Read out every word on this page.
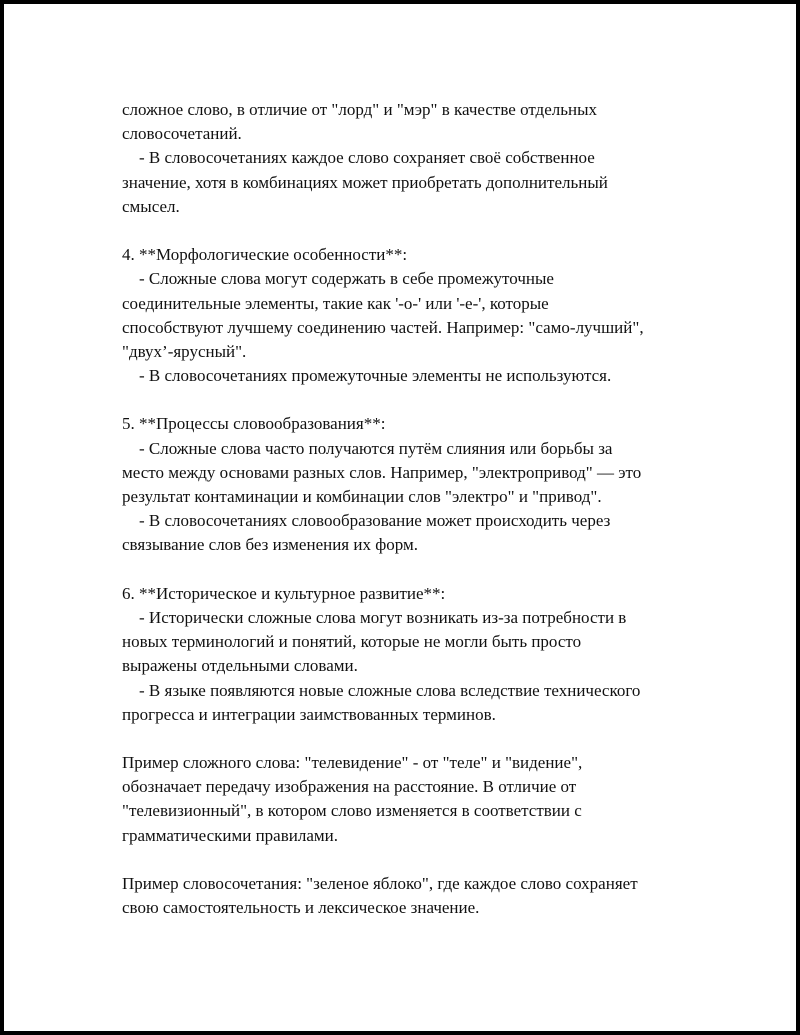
сложное слово, в отличие от "лорд" и "мэр" в качестве отдельных
словосочетаний.
- В словосочетаниях каждое слово сохраняет своё собственное
значение, хотя в комбинациях может приобретать дополнительный
смысел.
4. **Морфологические особенности**:
- Сложные слова могут содержать в себе промежуточные
соединительные элементы, такие как '-о-' или '-е-', которые
способствуют лучшему соединению частей. Например: "само-лучший",
"двух’-ярусный".
- В словосочетаниях промежуточные элементы не используются.
5. **Процессы словообразования**:
- Сложные слова часто получаются путём слияния или борьбы за
место между основами разных слов. Например, "электропривод" — это
результат контаминации и комбинации слов "электро" и "привод".
- В словосочетаниях словообразование может происходить через
связывание слов без изменения их форм.
6. **Историческое и культурное развитие**:
- Исторически сложные слова могут возникать из-за потребности в
новых терминологий и понятий, которые не могли быть просто
выражены отдельными словами.
- В языке появляются новые сложные слова вследствие технического
прогресса и интеграции заимствованных терминов.
Пример сложного слова: "телевидение" - от "теле" и "видение",
обозначает передачу изображения на расстояние. В отличие от
"телевизионный", в котором слово изменяется в соответствии с
грамматическими правилами.
Пример словосочетания: "зеленое яблоко", где каждое слово сохраняет
свою самостоятельность и лексическое значение.
